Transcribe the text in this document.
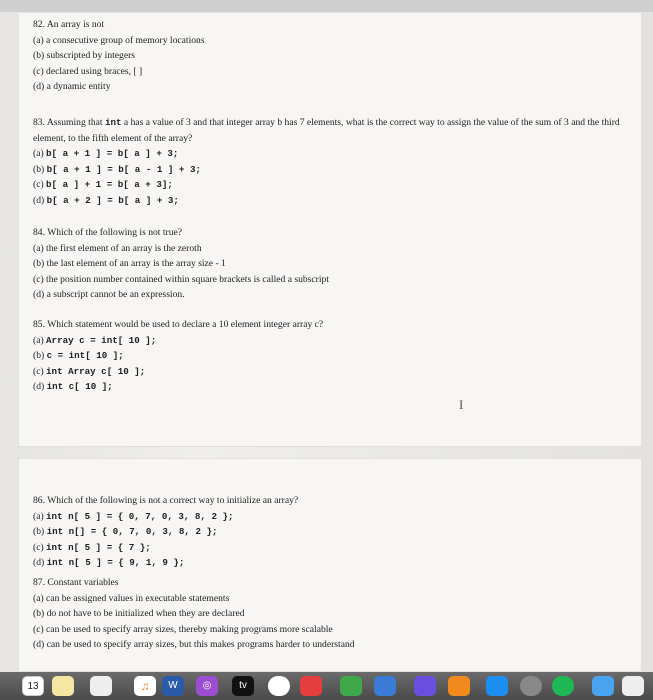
82. An array is not

(a) a consecutive group of memory locations

(b) subscripted by integers

(c) declared using braces, [ ]

(d) a dynamic entity

83. Assuming that int a has a value of 3 and that integer array b has 7 elements, what is the correct way to assign the value of the sum of 3 and the third element, to the fifth element of the array?

(a) b[ a + 1 ] = b[ a ] + 3;

(b) b[ a + 1 ] = b[ a - 1 ] + 3;

(c) b[ a ] + 1 = b[ a + 3];

(d) b[ a + 2 ] = b[ a ] + 3;

84. Which of the following is not true?

(a) the first element of an array is the zeroth

(b) the last element of an array is the array size - 1

(c) the position number contained within square brackets is called a subscript

(d) a subscript cannot be an expression.

85. Which statement would be used to declare a 10 element integer array c?

(a) Array c = int[ 10 ];

(b) c = int[ 10 ];

(c) int Array c[ 10 ];

(d) int c[ 10 ];

I

86. Which of the following is not a correct way to initialize an array?

(a) int n[ 5 ] = { 0, 7, 0, 3, 8, 2 };

(b) int n[] = { 0, 7, 0, 3, 8, 2 };

(c) int n[ 5 ] = { 7 };

(d) int n[ 5 ] = { 9, 1, 9 };

87. Constant variables

(a) can be assigned values in executable statements

(b) do not have to be initialized when they are declared

(c) can be used to specify array sizes, thereby making programs more scalable

(d) can be used to specify array sizes, but this makes programs harder to understand

13	♫	W	◎	tv
